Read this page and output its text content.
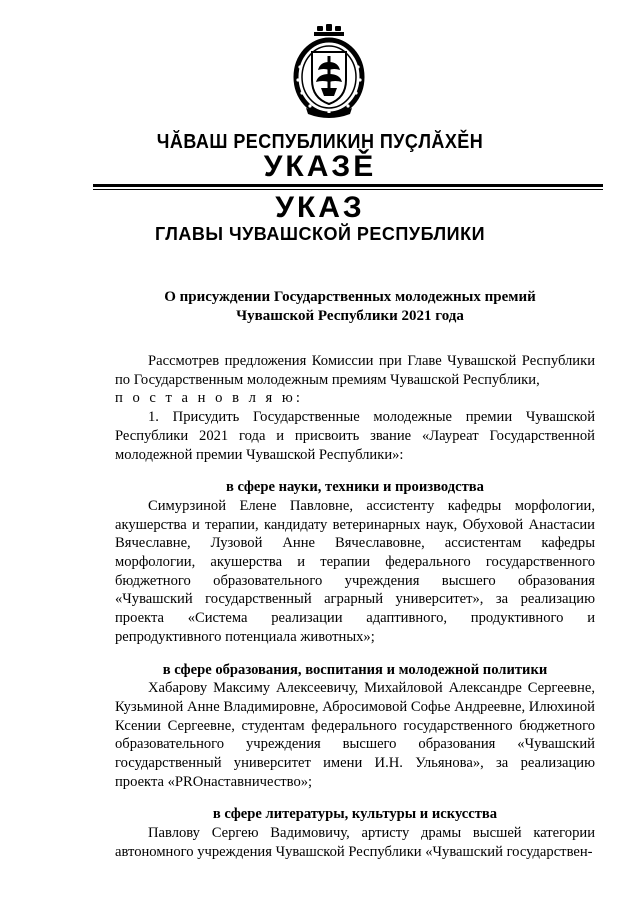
ЧĂВАШ РЕСПУБЛИКИН ПУÇЛĂХĚН
УКАЗĚ
УКАЗ
ГЛАВЫ ЧУВАШСКОЙ РЕСПУБЛИКИ
О присуждении Государственных молодежных премий
Чувашской Республики 2021 года

Рассмотрев предложения Комиссии при Главе Чувашской Республики по Государственным молодежным премиям Чувашской Республики,

п о с т а н о в л я ю:

1. Присудить Государственные молодежные премии Чувашской Республики 2021 года и присвоить звание «Лауреат Государственной молодежной премии Чувашской Республики»:

в сфере науки, техники и производства

Симурзиной Елене Павловне, ассистенту кафедры морфологии, акушерства и терапии, кандидату ветеринарных наук, Обуховой Анастасии Вячеславне, Лузовой Анне Вячеславовне, ассистентам кафедры морфологии, акушерства и терапии федерального государственного бюджетного образовательного учреждения высшего образования «Чувашский государственный аграрный университет», за реализацию проекта «Система реализации адаптивного, продуктивного и репродуктивного потенциала животных»;

в сфере образования, воспитания и молодежной политики

Хабарову Максиму Алексеевичу, Михайловой Александре Сергеевне, Кузьминой Анне Владимировне, Абросимовой Софье Андреевне, Илюхиной Ксении Сергеевне, студентам федерального государственного бюджетного образовательного учреждения высшего образования «Чувашский государственный университет имени И.Н. Ульянова», за реализацию проекта «PROнаставничество»;

в сфере литературы, культуры и искусства

Павлову Сергею Вадимовичу, артисту драмы высшей категории автономного учреждения Чувашской Республики «Чувашский государствен-
